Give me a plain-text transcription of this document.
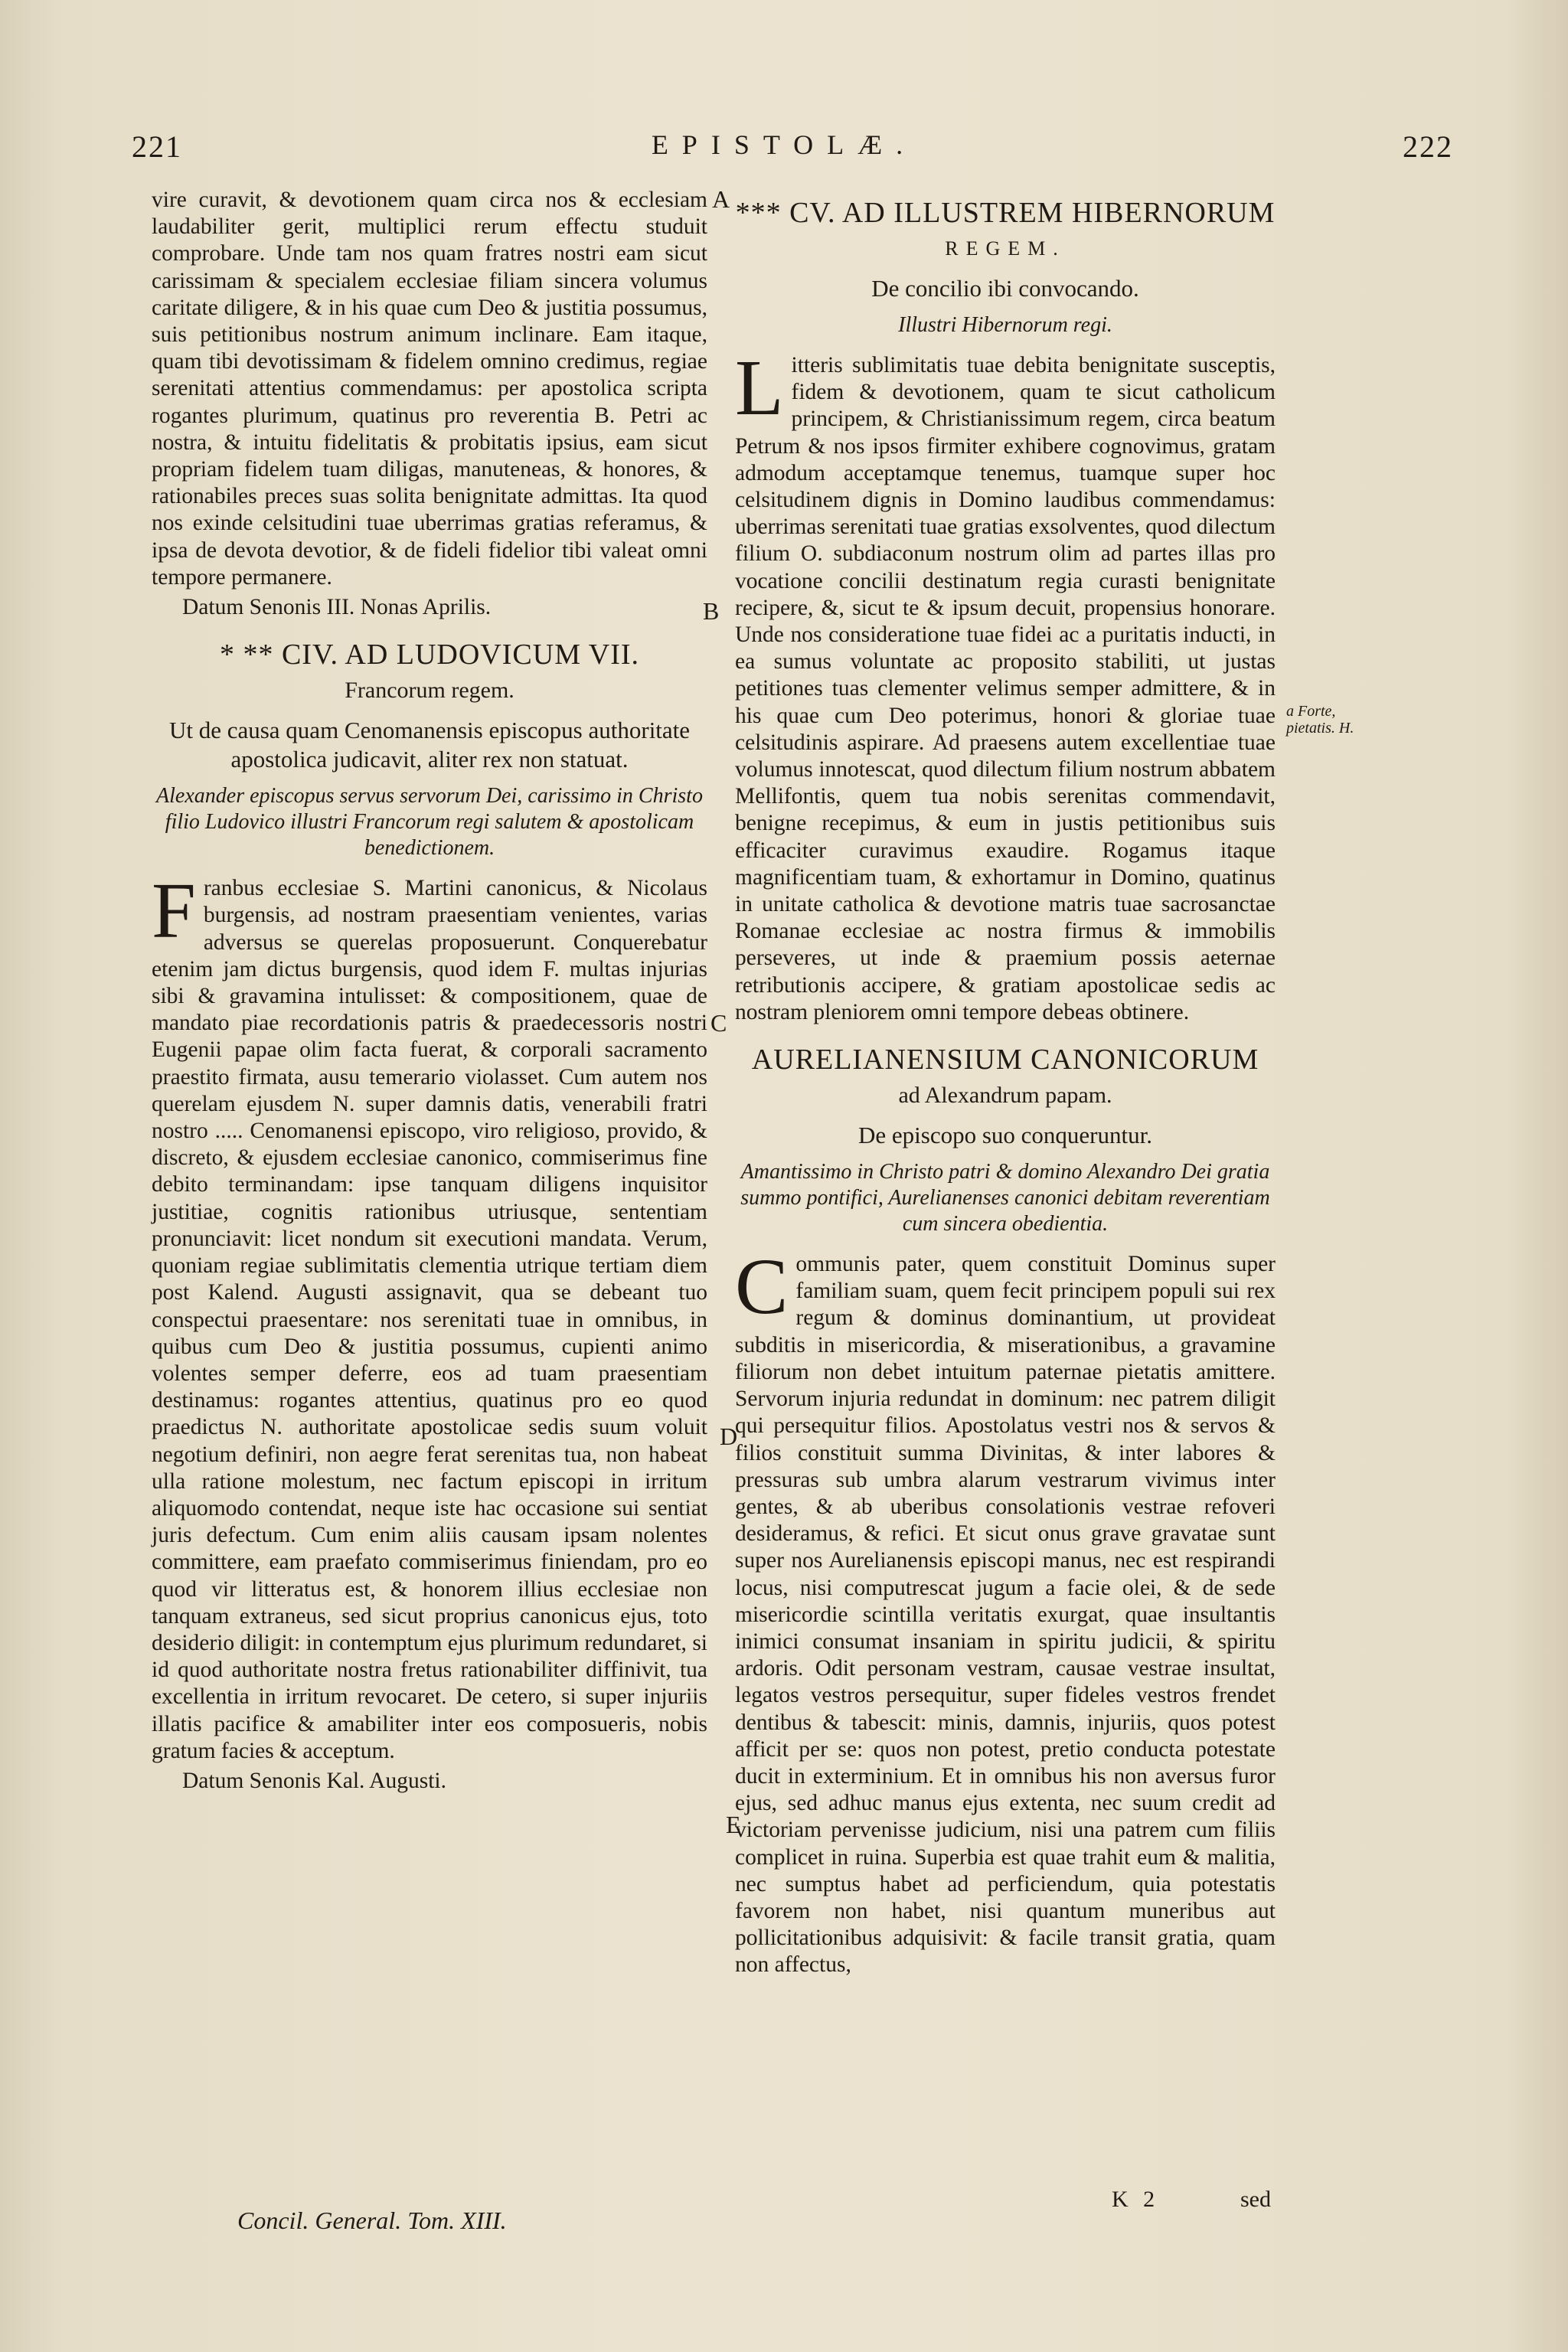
221	EPISTOLÆ.	222

vire curavit, & devotionem quam circa nos & ecclesiam laudabiliter gerit, multiplici rerum effectu studuit comprobare. Unde tam nos quam fratres nostri eam sicut carissimam & specialem ecclesiae filiam sincera volumus caritate diligere, & in his quae cum Deo & justitia possumus, suis petitionibus nostrum animum inclinare. Eam itaque, quam tibi devotissimam & fidelem omnino credimus, regiae serenitati attentius commendamus: per apostolica scripta rogantes plurimum, quatinus pro reverentia B. Petri ac nostra, & intuitu fidelitatis & probitatis ipsius, eam sicut propriam fidelem tuam diligas, manuteneas, & honores, & rationabiles preces suas solita benignitate admittas. Ita quod nos exinde celsitudini tuae uberrimas gratias referamus, & ipsa de devota devotior, & de fideli fidelior tibi valeat omni tempore permanere.

Datum Senonis III. Nonas Aprilis.

* ** CIV. AD LUDOVICUM VII.
Francorum regem.
Ut de causa quam Cenomanensis episcopus authoritate apostolica judicavit, aliter rex non statuat.
Alexander episcopus servus servorum Dei, carissimo in Christo filio Ludovico illustri Francorum regi salutem & apostolicam benedictionem.

Franbus ecclesiae S. Martini canonicus, & Nicolaus burgensis, ad nostram praesentiam venientes, varias adversus se querelas proposuerunt. Conquerebatur etenim jam dictus burgensis, quod idem F. multas injurias sibi & gravamina intulisset: & compositionem, quae de mandato piae recordationis patris & praedecessoris nostri Eugenii papae olim facta fuerat, & corporali sacramento praestito firmata, ausu temerario violasset. Cum autem nos querelam ejusdem N. super damnis datis, venerabili fratri nostro ..... Cenomanensi episcopo, viro religioso, provido, & discreto, & ejusdem ecclesiae canonico, commiserimus fine debito terminandam: ipse tanquam diligens inquisitor justitiae, cognitis rationibus utriusque, sententiam pronunciavit: licet nondum sit executioni mandata. Verum, quoniam regiae sublimitatis clementia utrique tertiam diem post Kalend. Augusti assignavit, qua se debeant tuo conspectui praesentare: nos serenitati tuae in omnibus, in quibus cum Deo & justitia possumus, cupienti animo volentes semper deferre, eos ad tuam praesentiam destinamus: rogantes attentius, quatinus pro eo quod praedictus N. authoritate apostolicae sedis suum voluit negotium definiri, non aegre ferat serenitas tua, non habeat ulla ratione molestum, nec factum episcopi in irritum aliquomodo contendat, neque iste hac occasione sui sentiat juris defectum. Cum enim aliis causam ipsam nolentes committere, eam praefato commiserimus finiendam, pro eo quod vir litteratus est, & honorem illius ecclesiae non tanquam extraneus, sed sicut proprius canonicus ejus, toto desiderio diligit: in contemptum ejus plurimum redundaret, si id quod authoritate nostra fretus rationabiliter diffinivit, tua excellentia in irritum revocaret. De cetero, si super injuriis illatis pacifice & amabiliter inter eos composueris, nobis gratum facies & acceptum.

Datum Senonis Kal. Augusti.

A
B
C
D
E
*** CV. AD ILLUSTREM HIBERNORUM
REGEM.
De concilio ibi convocando.
Illustri Hibernorum regi.

Litteris sublimitatis tuae debita benignitate susceptis, fidem & devotionem, quam te sicut catholicum principem, & Christianissimum regem, circa beatum Petrum & nos ipsos firmiter exhibere cognovimus, gratam admodum acceptamque tenemus, tuamque super hoc celsitudinem dignis in Domino laudibus commendamus: uberrimas serenitati tuae gratias exsolventes, quod dilectum filium O. subdiaconum nostrum olim ad partes illas pro vocatione concilii destinatum regia curasti benignitate recipere, &, sicut te & ipsum decuit, propensius honorare. Unde nos consideratione tuae fidei ac a puritatis inducti, in ea sumus voluntate ac proposito stabiliti, ut justas petitiones tuas clementer velimus semper admittere, & in his quae cum Deo poterimus, honori & gloriae tuae celsitudinis aspirare. Ad praesens autem excellentiae tuae volumus innotescat, quod dilectum filium nostrum abbatem Mellifontis, quem tua nobis serenitas commendavit, benigne recepimus, & eum in justis petitionibus suis efficaciter curavimus exaudire. Rogamus itaque magnificentiam tuam, & exhortamur in Domino, quatinus in unitate catholica & devotione matris tuae sacrosanctae Romanae ecclesiae ac nostra firmus & immobilis perseveres, ut inde & praemium possis aeternae retributionis accipere, & gratiam apostolicae sedis ac nostram pleniorem omni tempore debeas obtinere.

AURELIANENSIUM CANONICORUM
ad Alexandrum papam.
De episcopo suo conqueruntur.
Amantissimo in Christo patri & domino Alexandro Dei gratia summo pontifici, Aurelianenses canonici debitam reverentiam cum sincera obedientia.

Communis pater, quem constituit Dominus super familiam suam, quem fecit principem populi sui rex regum & dominus dominantium, ut provideat subditis in misericordia, & miserationibus, a gravamine filiorum non debet intuitum paternae pietatis amittere. Servorum injuria redundat in dominum: nec patrem diligit qui persequitur filios. Apostolatus vestri nos & servos & filios constituit summa Divinitas, & inter labores & pressuras sub umbra alarum vestrarum vivimus inter gentes, & ab uberibus consolationis vestrae refoveri desideramus, & refici. Et sicut onus grave gravatae sunt super nos Aurelianensis episcopi manus, nec est respirandi locus, nisi computrescat jugum a facie olei, & de sede misericordie scintilla veritatis exurgat, quae insultantis inimici consumat insaniam in spiritu judicii, & spiritu ardoris. Odit personam vestram, causae vestrae insultat, legatos vestros persequitur, super fideles vestros frendet dentibus & tabescit: minis, damnis, injuriis, quos potest afficit per se: quos non potest, pretio conducta potestate ducit in exterminium. Et in omnibus his non aversus furor ejus, sed adhuc manus ejus extenta, nec suum credit ad victoriam pervenisse judicium, nisi una patrem cum filiis complicet in ruina. Superbia est quae trahit eum & malitia, nec sumptus habet ad perficiendum, quia potestatis favorem non habet, nisi quantum muneribus aut pollicitationibus adquisivit: & facile transit gratia, quam non affectus,

a Forte, pietatis. H.
Concil. General. Tom. XIII.
K 2	sed
